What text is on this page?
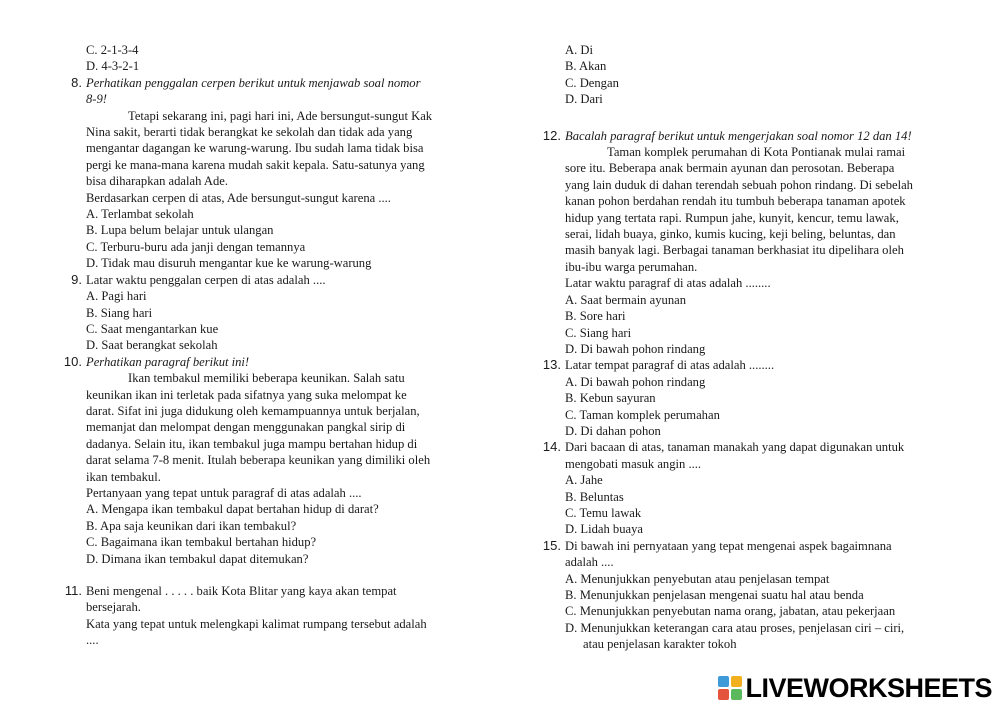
C. 2-1-3-4
D. 4-3-2-1
8. Perhatikan penggalan cerpen berikut untuk menjawab soal nomor
8-9!
Tetapi sekarang ini, pagi hari ini, Ade bersungut-sungut Kak
Nina sakit, berarti tidak berangkat ke sekolah dan tidak ada yang
mengantar dagangan ke warung-warung. Ibu sudah lama tidak bisa
pergi ke mana-mana karena mudah sakit kepala. Satu-satunya yang
bisa diharapkan adalah Ade.
Berdasarkan cerpen di atas, Ade bersungut-sungut karena ....
A. Terlambat sekolah
B. Lupa belum belajar untuk ulangan
C. Terburu-buru ada janji dengan temannya
D. Tidak mau disuruh mengantar kue ke warung-warung
9. Latar waktu penggalan cerpen di atas adalah ....
A. Pagi hari
B. Siang hari
C. Saat mengantarkan kue
D. Saat berangkat sekolah
10. Perhatikan paragraf berikut ini!
Ikan tembakul memiliki beberapa keunikan. Salah satu
keunikan ikan ini terletak pada sifatnya yang suka melompat ke
darat. Sifat ini juga didukung oleh kemampuannya untuk berjalan,
memanjat dan melompat dengan menggunakan pangkal sirip di
dadanya. Selain itu, ikan tembakul juga mampu bertahan hidup di
darat selama 7-8 menit. Itulah beberapa keunikan yang dimiliki oleh
ikan tembakul.
Pertanyaan yang tepat untuk paragraf di atas adalah ....
A. Mengapa ikan tembakul dapat bertahan hidup di darat?
B. Apa saja keunikan dari ikan tembakul?
C. Bagaimana ikan tembakul bertahan hidup?
D. Dimana ikan tembakul dapat ditemukan?
11. Beni mengenal . . . . . baik Kota Blitar yang kaya akan tempat
bersejarah.
Kata yang tepat untuk melengkapi kalimat rumpang tersebut adalah
....
A. Di
B. Akan
C. Dengan
D. Dari
12. Bacalah paragraf berikut untuk mengerjakan soal nomor 12 dan 14!
Taman komplek perumahan di Kota Pontianak mulai ramai
sore itu. Beberapa anak bermain ayunan dan perosotan. Beberapa
yang lain duduk di dahan terendah sebuah pohon rindang. Di sebelah
kanan pohon berdahan rendah itu tumbuh beberapa tanaman apotek
hidup yang tertata rapi. Rumpun jahe, kunyit, kencur, temu lawak,
serai, lidah buaya, ginko, kumis kucing, keji beling, beluntas, dan
masih banyak lagi. Berbagai tanaman berkhasiat itu dipelihara oleh
ibu-ibu warga perumahan.
Latar waktu paragraf di atas adalah ........
A. Saat bermain ayunan
B. Sore hari
C. Siang hari
D. Di bawah pohon rindang
13. Latar tempat paragraf di atas adalah ........
A. Di bawah pohon rindang
B. Kebun sayuran
C. Taman komplek perumahan
D. Di dahan pohon
14. Dari bacaan di atas, tanaman manakah yang dapat digunakan untuk
mengobati masuk angin ....
A. Jahe
B. Beluntas
C. Temu lawak
D. Lidah buaya
15. Di bawah ini pernyataan yang tepat mengenai aspek bagaimnana
adalah ....
A. Menunjukkan penyebutan atau penjelasan tempat
B. Menunjukkan penjelasan mengenai suatu hal atau benda
C. Menunjukkan penyebutan nama orang, jabatan, atau pekerjaan
D. Menunjukkan keterangan cara atau proses, penjelasan ciri – ciri,
atau penjelasan karakter tokoh
LIVEWORKSHEETS
